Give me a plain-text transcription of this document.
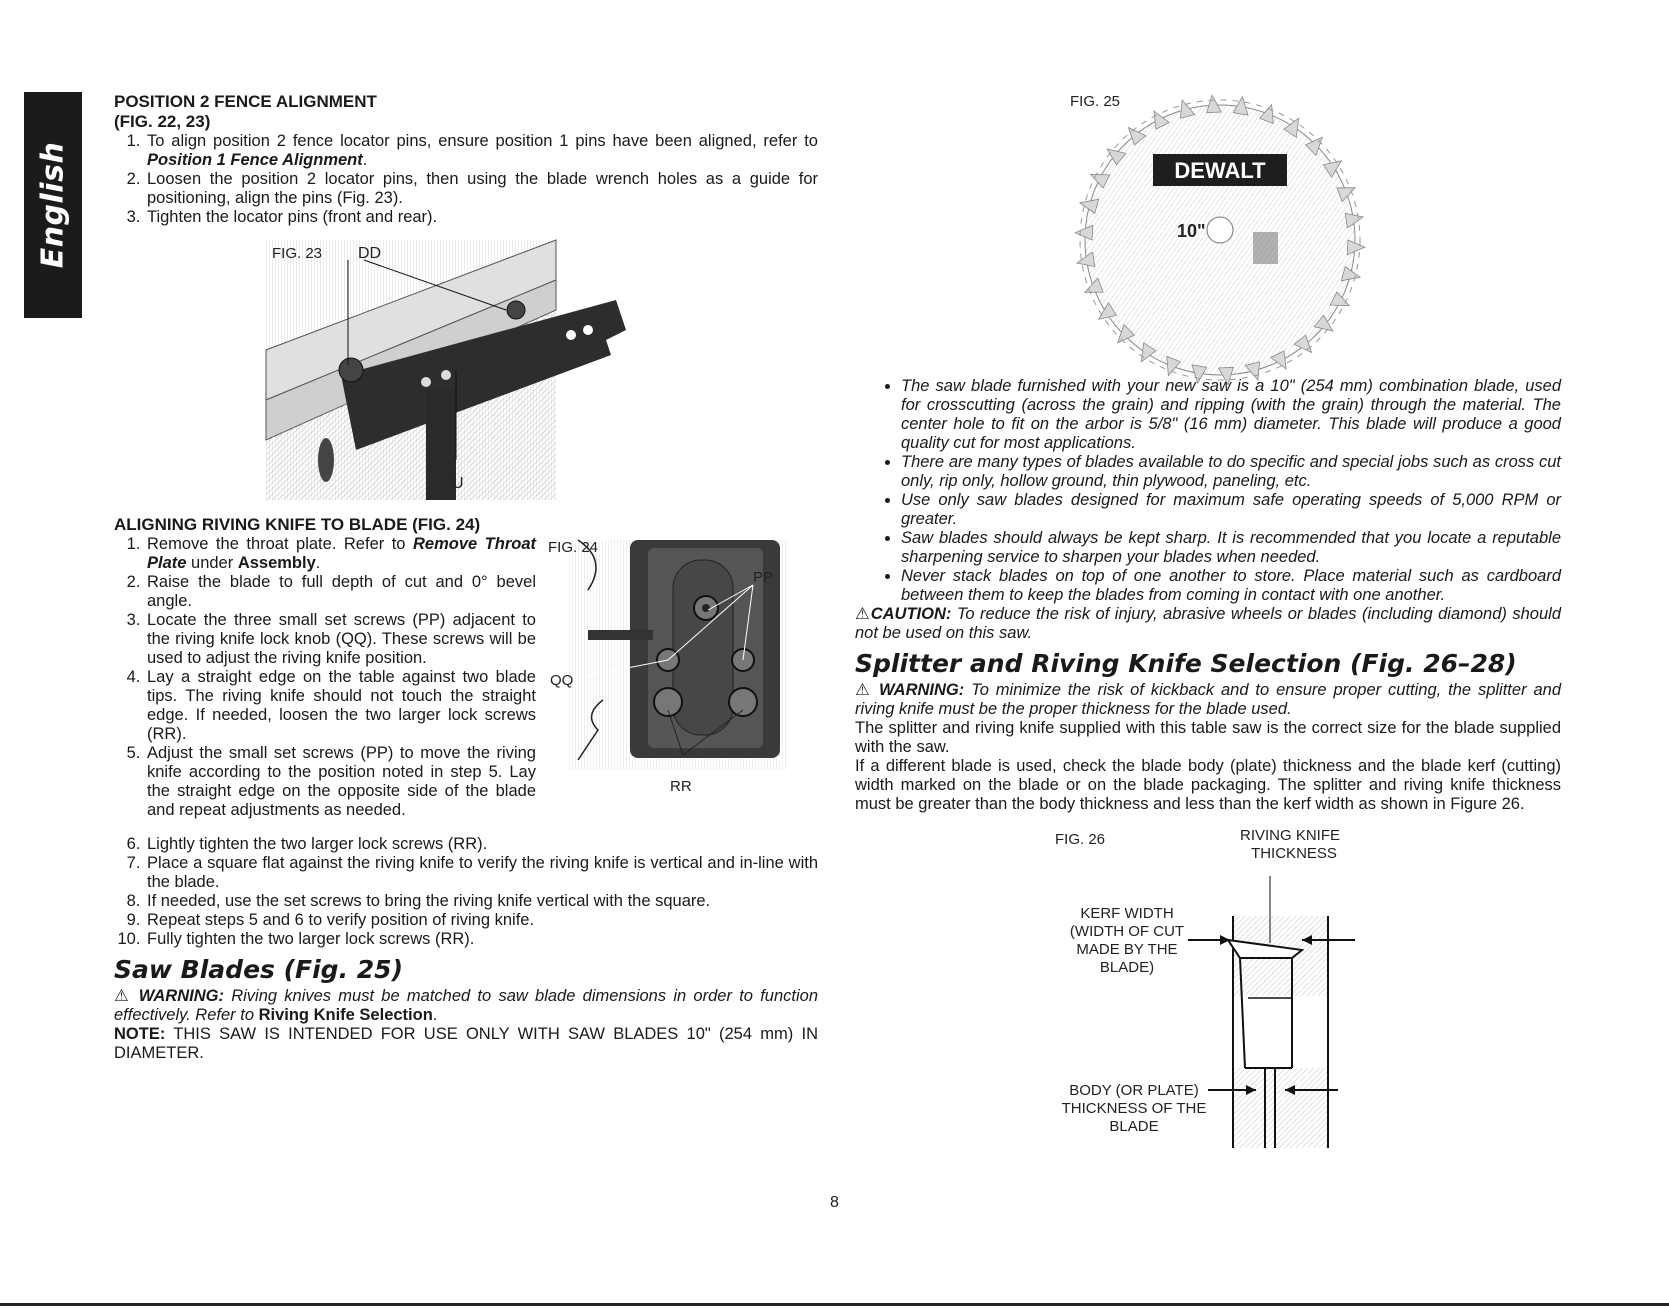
English
POSITION 2 FENCE ALIGNMENT
(FIG. 22, 23)
1. To align position 2 fence locator pins, ensure position 1 pins have been aligned, refer to Position 1 Fence Alignment.
2. Loosen the position 2 locator pins, then using the blade wrench holes as a guide for positioning, align the pins (Fig. 23).
3. Tighten the locator pins (front and rear).
FIG. 23 DD
U
ALIGNING RIVING KNIFE TO BLADE (FIG. 24)
1. Remove the throat plate. Refer to Remove Throat Plate under Assembly.
2. Raise the blade to full depth of cut and 0° bevel angle.
3. Locate the three small set screws (PP) adjacent to the riving knife lock knob (QQ). These screws will be used to adjust the riving knife position.
4. Lay a straight edge on the table against two blade tips. The riving knife should not touch the straight edge. If needed, loosen the two larger lock screws (RR).
5. Adjust the small set screws (PP) to move the riving knife according to the position noted in step 5. Lay the straight edge on the opposite side of the blade and repeat adjustments as needed.
6. Lightly tighten the two larger lock screws (RR).
7. Place a square flat against the riving knife to verify the riving knife is vertical and in-line with the blade.
8. If needed, use the set screws to bring the riving knife vertical with the square.
9. Repeat steps 5 and 6 to verify position of riving knife.
10. Fully tighten the two larger lock screws (RR).
Saw Blades (Fig. 25)

⚠ WARNING: Riving knives must be matched to saw blade dimensions in order to function effectively. Refer to Riving Knife Selection.

NOTE: THIS SAW IS INTENDED FOR USE ONLY WITH SAW BLADES 10" (254 mm) IN DIAMETER.

FIG. 24
PP
QQ
RR
FIG. 25
DEWALT
10"
• The saw blade furnished with your new saw is a 10" (254 mm) combination blade, used for crosscutting (across the grain) and ripping (with the grain) through the material. The center hole to fit on the arbor is 5/8" (16 mm) diameter. This blade will produce a good quality cut for most applications.
• There are many types of blades available to do specific and special jobs such as cross cut only, rip only, hollow ground, thin plywood, paneling, etc.
• Use only saw blades designed for maximum safe operating speeds of 5,000 RPM or greater.
• Saw blades should always be kept sharp. It is recommended that you locate a reputable sharpening service to sharpen your blades when needed.
• Never stack blades on top of one another to store. Place material such as cardboard between them to keep the blades from coming in contact with one another.

⚠CAUTION: To reduce the risk of injury, abrasive wheels or blades (including diamond) should not be used on this saw.

Splitter and Riving Knife Selection (Fig. 26–28)

⚠ WARNING: To minimize the risk of kickback and to ensure proper cutting, the splitter and riving knife must be the proper thickness for the blade used.

The splitter and riving knife supplied with this table saw is the correct size for the blade supplied with the saw.

If a different blade is used, check the blade body (plate) thickness and the blade kerf (cutting) width marked on the blade or on the blade packaging. The splitter and riving knife thickness must be greater than the body thickness and less than the kerf width as shown in Figure 26.

FIG. 26	RIVING KNIFE
THICKNESS
KERF WIDTH
(WIDTH OF CUT
MADE BY THE
BLADE)
BODY (OR PLATE)
THICKNESS OF THE
BLADE
8
